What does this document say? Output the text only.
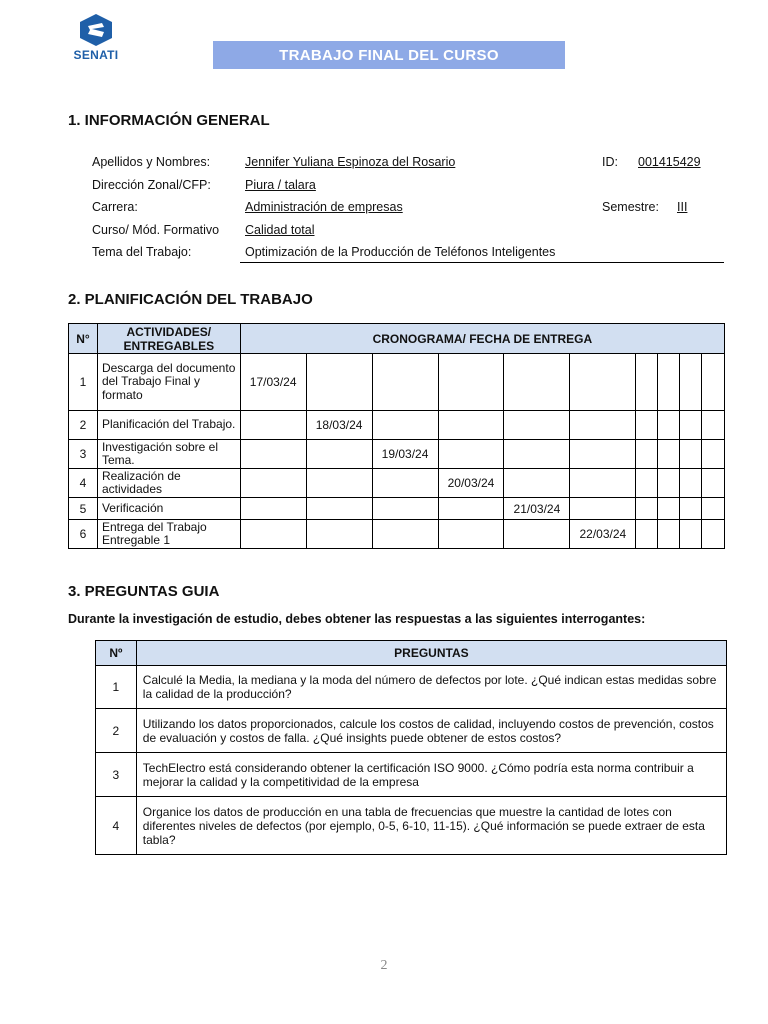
SENATI	TRABAJO FINAL DEL CURSO
1. INFORMACIÓN GENERAL
Apellidos y Nombres:	Jennifer Yuliana Espinoza del Rosario	ID: 001415429
Dirección Zonal/CFP:	Piura / talara
Carrera:	Administración de empresas	Semestre: III
Curso/ Mód. Formativo Calidad total
Tema del Trabajo:	Optimización de la Producción de Teléfonos Inteligentes
2. PLANIFICACIÓN DEL TRABAJO
N°	ACTIVIDADES/ ENTREGABLES	CRONOGRAMA/ FECHA DE ENTREGA									
1	Descarga del documento del Trabajo Final y formato	17/03/24									
2	Planificación del Trabajo.		18/03/24								
3	Investigación sobre el Tema.			19/03/24							
4	Realización de actividades				20/03/24						
5	Verificación					21/03/24					
6	Entrega del Trabajo Entregable 1						22/03/24				
3. PREGUNTAS GUIA
Durante la investigación de estudio, debes obtener las respuestas a las siguientes interrogantes:
Nº	PREGUNTAS
1	Calculé la Media, la mediana y la moda del número de defectos por lote. ¿Qué indican estas medidas sobre la calidad de la producción?
2	Utilizando los datos proporcionados, calcule los costos de calidad, incluyendo costos de prevención, costos de evaluación y costos de falla. ¿Qué insights puede obtener de estos costos?
3	TechElectro está considerando obtener la certificación ISO 9000. ¿Cómo podría esta norma contribuir a mejorar la calidad y la competitividad de la empresa
4	Organice los datos de producción en una tabla de frecuencias que muestre la cantidad de lotes con diferentes niveles de defectos (por ejemplo, 0-5, 6-10, 11-15). ¿Qué información se puede extraer de esta tabla?
2
